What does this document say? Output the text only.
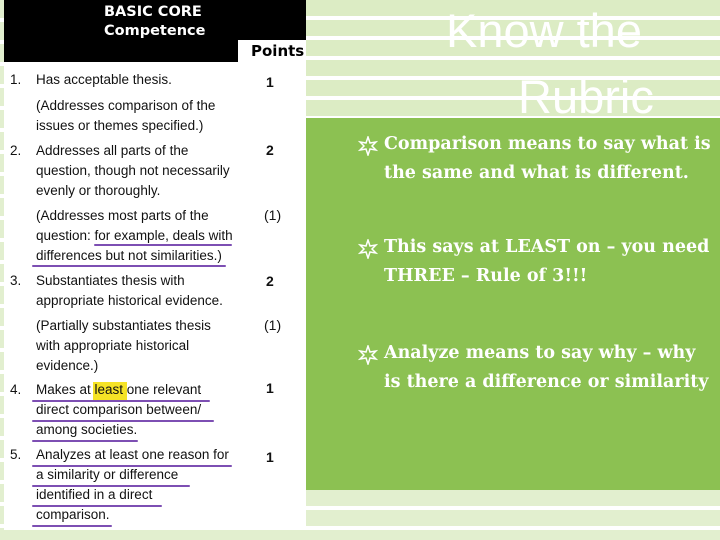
BASIC CORE
Competence
Points
1. Has acceptable thesis.	1
(Addresses comparison of the
issues or themes specified.)
2. Addresses all parts of the
question, though not necessarily
evenly or thoroughly.
2
(Addresses most parts of the
question: for example, deals with
differences but not similarities.)
(1)
3. Substantiates thesis with
appropriate historical evidence.
2
(Partially substantiates thesis
with appropriate historical
evidence.)
(1)
4. Makes at least one relevant
direct comparison between/
among societies.
1
5. Analyzes at least one reason for
a similarity or difference
identified in a direct
comparison.
1
Know the
Rubric
Comparison means to say what is the same and what is different.
This says at LEAST on – you need THREE – Rule of 3!!!
Analyze means to say why – why is there a difference or similarity
